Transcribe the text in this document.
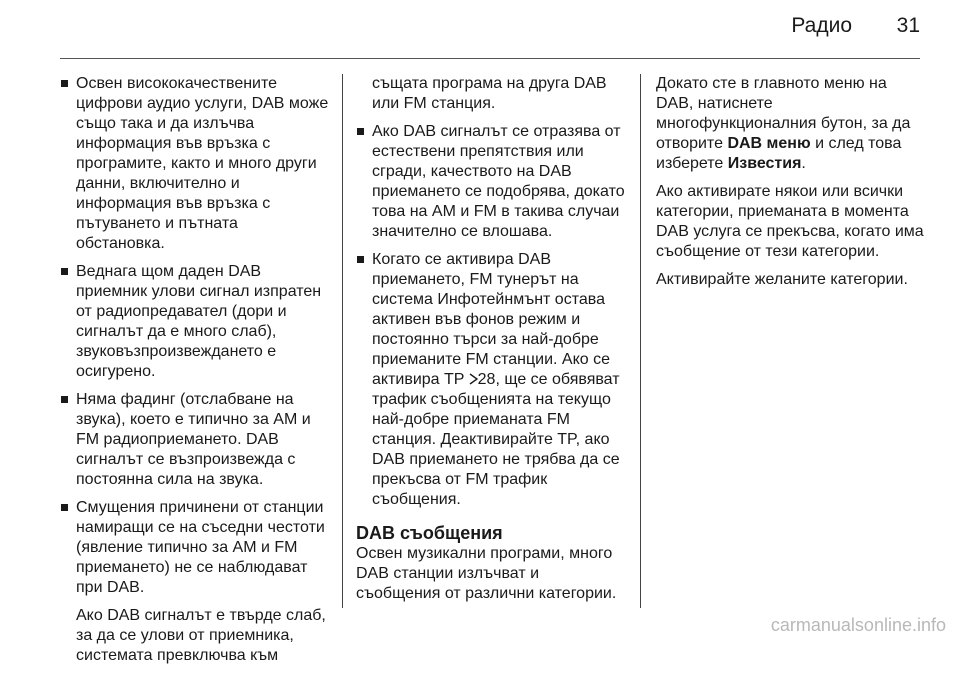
Радио 31
Освен висококачествените цифрови аудио услуги, DAB може също така и да излъчва информация във връзка с програмите, както и много други данни, включително и информация във връзка с пътуването и пътната обстановка.
Веднага щом даден DAB приемник улови сигнал изпратен от радиопредавател (дори и сигналът да е много слаб), звуковъзпроизвеждането е осигурено.
Няма фадинг (отслабване на звука), което е типично за AM и FM радиоприемането. DAB сигналът се възпроизвежда с постоянна сила на звука.
Смущения причинени от станции намиращи се на съседни честоти (явление типично за AM и FM приемането) не се наблюдават при DAB.

Ако DAB сигналът е твърде слаб, за да се улови от приемника, системата превключва към

същата програма на друга DAB или FM станция.

Ако DAB сигналът се отразява от естествени препятствия или сгради, качеството на DAB приемането се подобрява, докато това на AM и FM в такива случаи значително се влошава.
Когато се активира DAB приемането, FM тунерът на система Инфотейнмънт остава активен във фонов режим и постоянно търси за най-добре приеманите FM станции. Ако се активира TP 28, ще се обявяват трафик съобщенията на текущо най-добре приеманата FM станция. Деактивирайте TP, ако DAB приемането не трябва да се прекъсва от FM трафик съобщения.
DAB съобщения

Освен музикални програми, много DAB станции излъчват и съобщения от различни категории.

Докато сте в главното меню на DAB, натиснете многофункционалния бутон, за да отворите DAB меню и след това изберете Известия.

Ако активирате някои или всички категории, приеманата в момента DAB услуга се прекъсва, когато има съобщение от тези категории.

Активирайте желаните категории.

carmanualsonline.info
